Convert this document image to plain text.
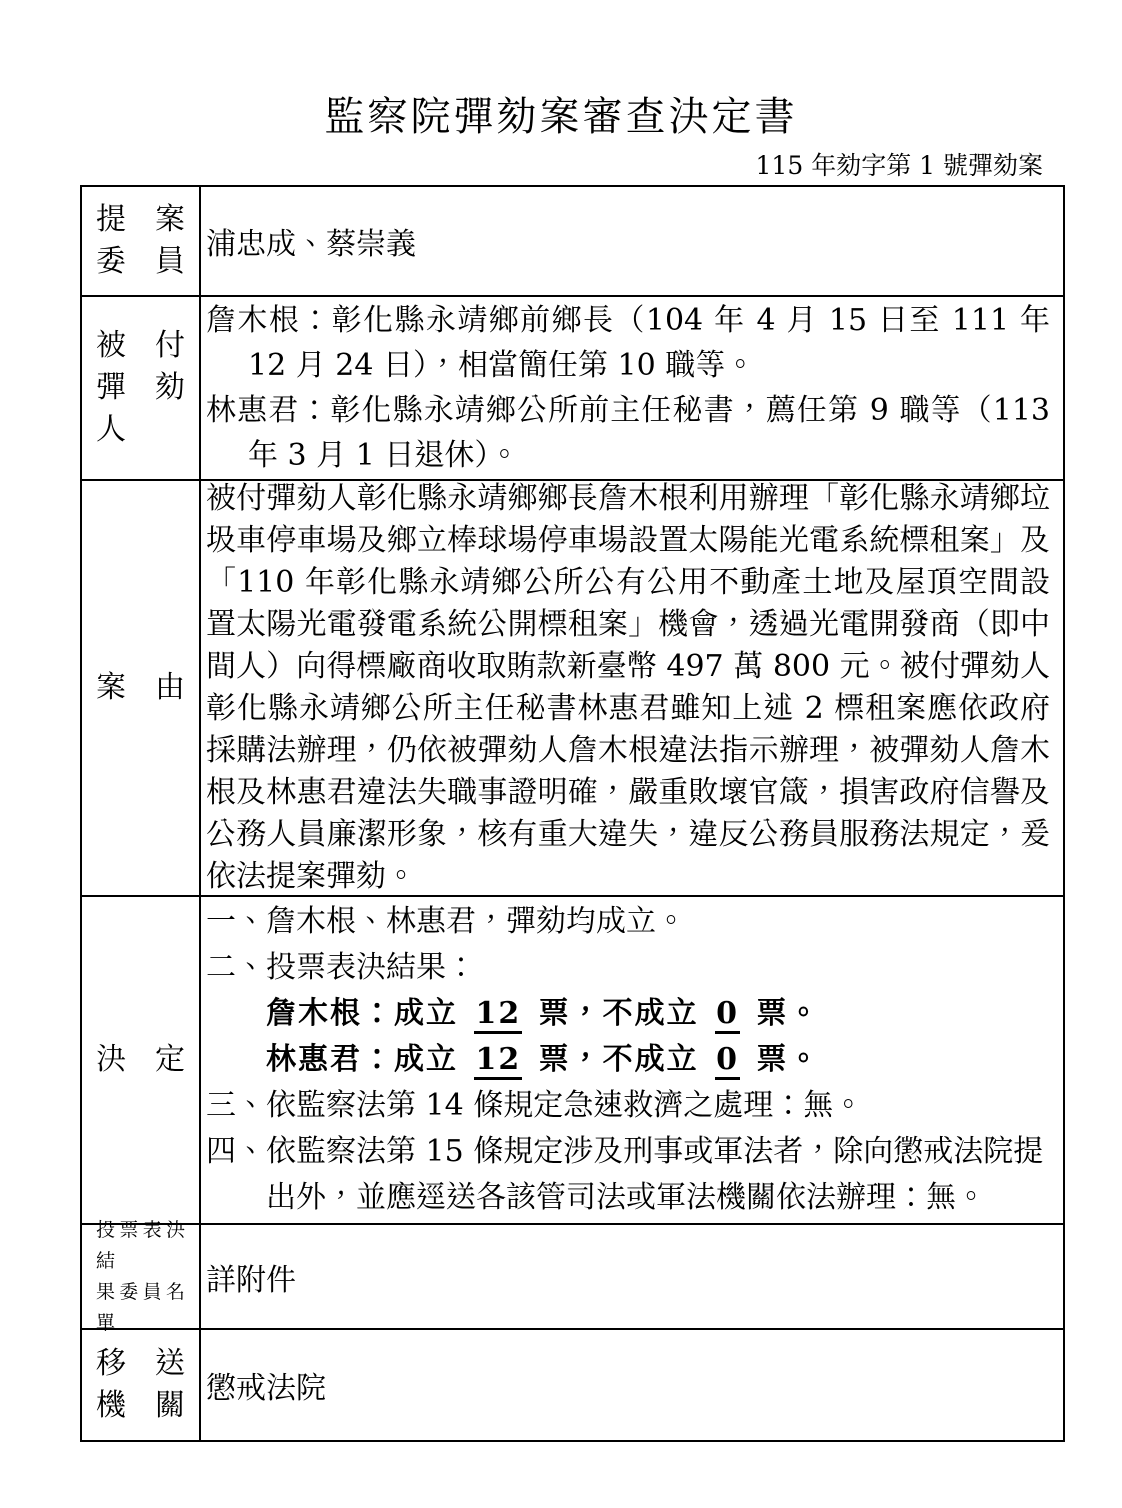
監察院彈劾案審查決定書
115 年劾字第 1 號彈劾案
提案
委員 浦忠成、蔡崇義
被付
彈劾人
詹木根：彰化縣永靖鄉前鄉長（104 年 4 月 15 日至 111 年 12 月 24 日），相當簡任第 10 職等。
林惠君：彰化縣永靖鄉公所前主任秘書，薦任第 9 職等（113 年 3 月 1 日退休）。
案由
被付彈劾人彰化縣永靖鄉鄉長詹木根利用辦理「彰化縣永靖鄉垃圾車停車場及鄉立棒球場停車場設置太陽能光電系統標租案」及「110 年彰化縣永靖鄉公所公有公用不動產土地及屋頂空間設置太陽光電發電系統公開標租案」機會，透過光電開發商（即中間人）向得標廠商收取賄款新臺幣 497 萬 800 元。被付彈劾人彰化縣永靖鄉公所主任秘書林惠君雖知上述 2 標租案應依政府採購法辦理，仍依被彈劾人詹木根違法指示辦理，被彈劾人詹木根及林惠君違法失職事證明確，嚴重敗壞官箴，損害政府信譽及公務人員廉潔形象，核有重大違失，違反公務員服務法規定，爰依法提案彈劾。
決定
一、詹木根、林惠君，彈劾均成立。
二、投票表決結果：
詹木根：成立 12 票，不成立 0 票。
林惠君：成立 12 票，不成立 0 票。
三、依監察法第 14 條規定急速救濟之處理：無。
四、依監察法第 15 條規定涉及刑事或軍法者，除向懲戒法院提出外，並應逕送各該管司法或軍法機關依法辦理：無。
投票表決結
果委員名單
詳附件
移送
機關 懲戒法院
